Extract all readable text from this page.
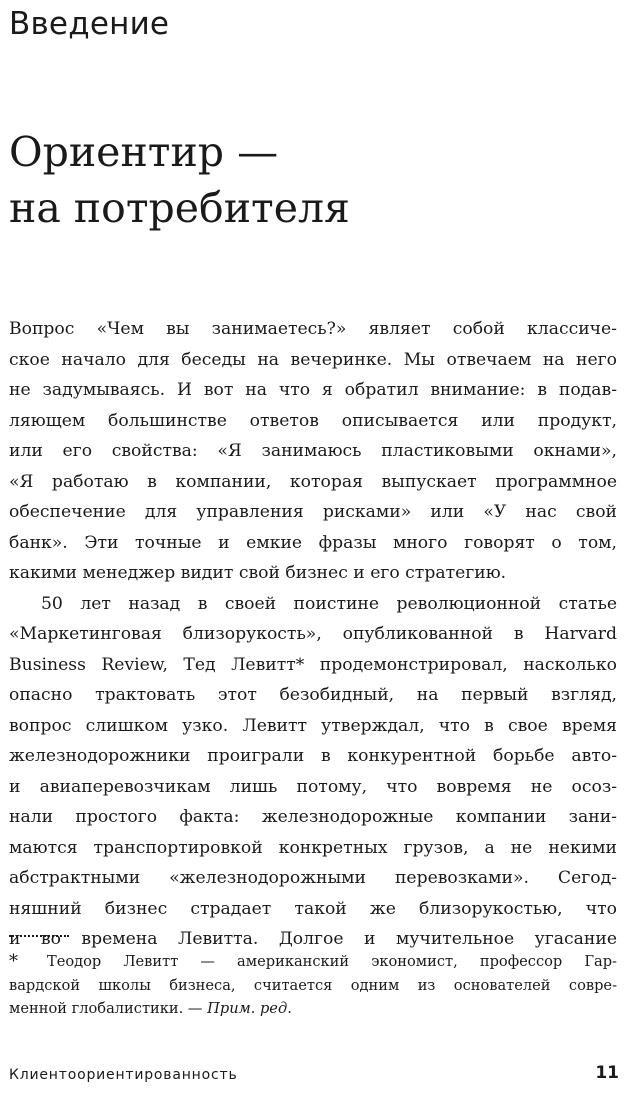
Введение
Ориентир —
на потребителя
Вопрос «Чем вы занимаетесь?» являет собой классиче-
ское начало для беседы на вечеринке. Мы отвечаем на него
не задумываясь. И вот на что я обратил внимание: в подав-
ляющем большинстве ответов описывается или продукт,
или его свойства: «Я занимаюсь пластиковыми окнами»,
«Я работаю в компании, которая выпускает программное
обеспечение для управления рисками» или «У нас свой
банк». Эти точные и емкие фразы много говорят о том,
какими менеджер видит свой бизнес и его стратегию.
50 лет назад в своей поистине революционной статье
«Маркетинговая близорукость», опубликованной в Harvard
Business Review, Тед Левитт* продемонстрировал, насколько
опасно трактовать этот безобидный, на первый взгляд,
вопрос слишком узко. Левитт утверждал, что в свое время
железнодорожники проиграли в конкурентной борьбе авто-
и авиаперевозчикам лишь потому, что вовремя не осоз-
нали простого факта: железнодорожные компании зани-
маются транспортировкой конкретных грузов, а не некими
абстрактными «железнодорожными перевозками». Сегод-
няшний бизнес страдает такой же близорукостью, что
и во времена Левитта. Долгое и мучительное угасание
* Теодор Левитт — американский экономист, профессор Гар-
вардской школы бизнеса, считается одним из основателей совре-
менной глобалистики. — Прим. ред.
Клиентоориентированность	11
